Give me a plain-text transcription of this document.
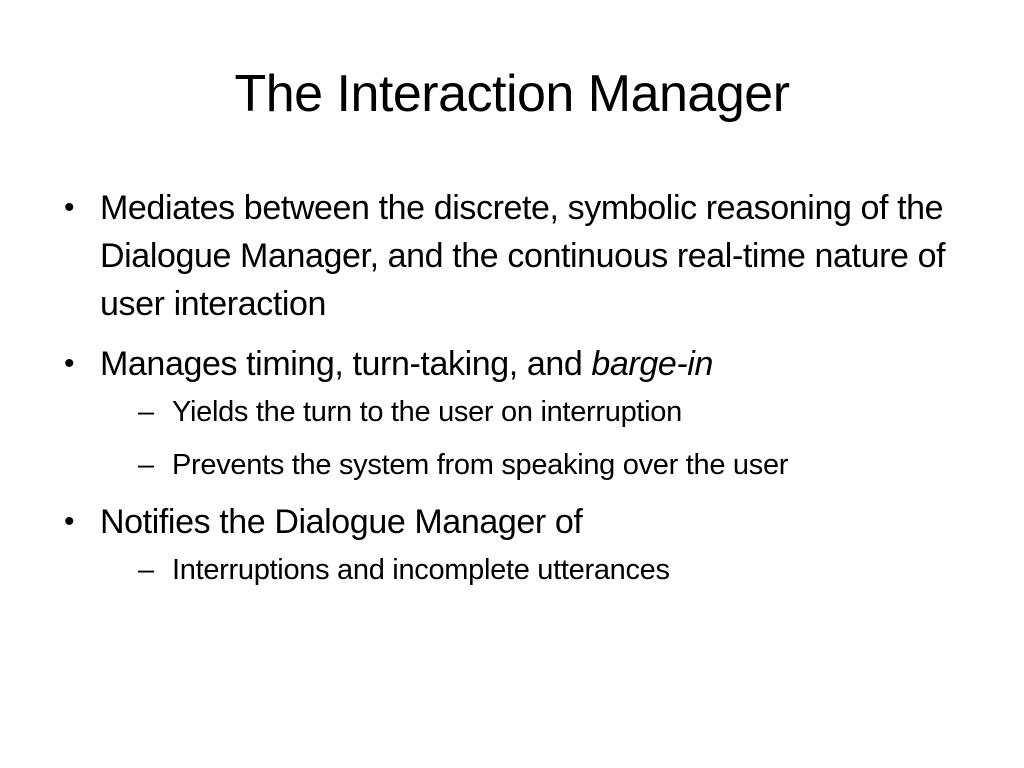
The Interaction Manager
• Mediates between the discrete, symbolic reasoning of the Dialogue Manager, and the continuous real-time nature of user interaction
• Manages timing, turn-taking, and barge-in
– Yields the turn to the user on interruption
– Prevents the system from speaking over the user
• Notifies the Dialogue Manager of
– Interruptions and incomplete utterances
